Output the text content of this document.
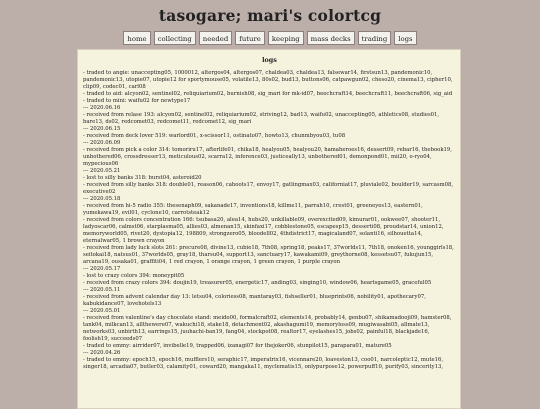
tasogare; mari's colortcg
home	collecting	needed	future	keeping	mass decks	trading	logs
logs

- traded to angie: unaccepting05, 1000012, altergos04, altergos07, chaldea03, chaldea13, falsewar14, firstsun13, pandemonic10, pandemonic13, utopie07, utopie12 for sportymouse05, volatile13, 80s02, bud13, buttons06, catpawgun02, cheso20, cinema13, cipher10, clip09, codec01, carl08

- traded to aid: alcyon02, sentinel02, reliquiarium02, burnish08, sig_mari for mk-id07, beechcraft14, beechcraft11, beechcraft06, sig_aid

- traded to mini: waifu02 for newtype17

--- 2020.06.16

- received from relase 193: alcyon02, sentinel02, reliquiarium02, striving12, bad13, waifu02, unaccepting05, athletics08, studies01, bare13, ds02, redcomet03, redcomet11, redcomet12, sig_mari

--- 2020.06.15

- received from deck lover 519: warlord01, x-scissor11, ostinato07, howto13, chunmbyou03, tu08

--- 2020.06.09

- received from pick a color 314: tomoriru17, afterlife01, chika18, healyou05, healyou20, hamaheroes16, dessert09, rebar16, thebook19, unbothered06, crossdresser13, meticulous02, scarra12, inference03, justiceally13, unbothered01, demonpond01, mii20, o-ryo04, mypecious06

--- 2020.05.21

- lost to silly banks 318: burst04, asteroid20

- received from silly banks 318: double01, reason06, cahoots17, envoy17, gatlingmax03, californiat17, pluviale02, boulder19, sarcasm08, executive02

--- 2020.05.18

- received from hi-5 radio 355: thesenaph09, sakanade17, inventions18, killme11, parrah10, crest01, greeneyes13, eastern01, yumekawa19, evil01, cyclone10, carrotsteak12

- received from colors concentration 166: tsubasa20, alea14, hubs20, unkillable09, overexcited09, kimurar01, ookwee07, shooter11, ladyoscar06, calmst06, starplasma05, allies03, almenan15, skinfaxi17, cobblestone05, escapesp15, desserti08, proudstar14, union12, memoryworld05, rivet20, dystopia12, 198809, strongzero05, bloodell02, 4thdistrict17, magicaland07, solanti16, silhouetta14, eternalwar05, 1 brown crayon

- received from lady luck slots 261: precure08, divine13, cubie18, 7th08, spring18, peaks17, 37worlds11, 7th18, onoken16, younggirls18, seitokai18, natsus01, 37worlds05, gray18, tharsu04, support13, sanctuary17, kawakami09, greythorne08, kessetsu07, fukujun15, arcana19, ousaka01, graffiti04, 1 red crayon, 1 orange crayon, 1 green crayon, 1 purple crayon

--- 2020.05.17

- lost to crazy colors 394: moneypit05

- received from crazy colors 394: doujin19, treasurer05, energetic17, anding03, singing10, window06, heartsgame05, graceful05

--- 2020.05.11

- received from advent calendar day 13: letsu04, coloriess08, mantaray03, fishseller01, blueprints06, nobility01, apothecary07, kabukidance07, lovehotels13

--- 2020.05.01

- received from valentine's day chocolate stand: meido00, formalcraft02, elements14, probably14, genbu07, shikamadooji09, hamster08, tank04, milkcan13, allthewere07, wakuchi18, stake18, detachment02, akashagumi19, memoryloss09, mugiwasabi05, allmate13, networks03, unbirth13, earrings15, juuhachi-ban19, fang04, stockpot08, realtor17, eyelashes15, jobs02, painful18, blackjade16, foolish19, succeeds07

- traded to emmy: airrider07, invibelle19, trapped06, izanagi07 for thejoker06, stunpilot15, parapara01, mature05

--- 2020.04.26

- traded to emmy: epoch15, epoch16, mufflers10, seraphic17, imperatrix16, vicennare20, loaveston13, coo01, narcoleptic12, mute16, singer18, arcadia07, butler03, calamity01, coward20, mangaka11, myclematis15, onlypurpose12, powerpuff10, purify03, sincerity13,
